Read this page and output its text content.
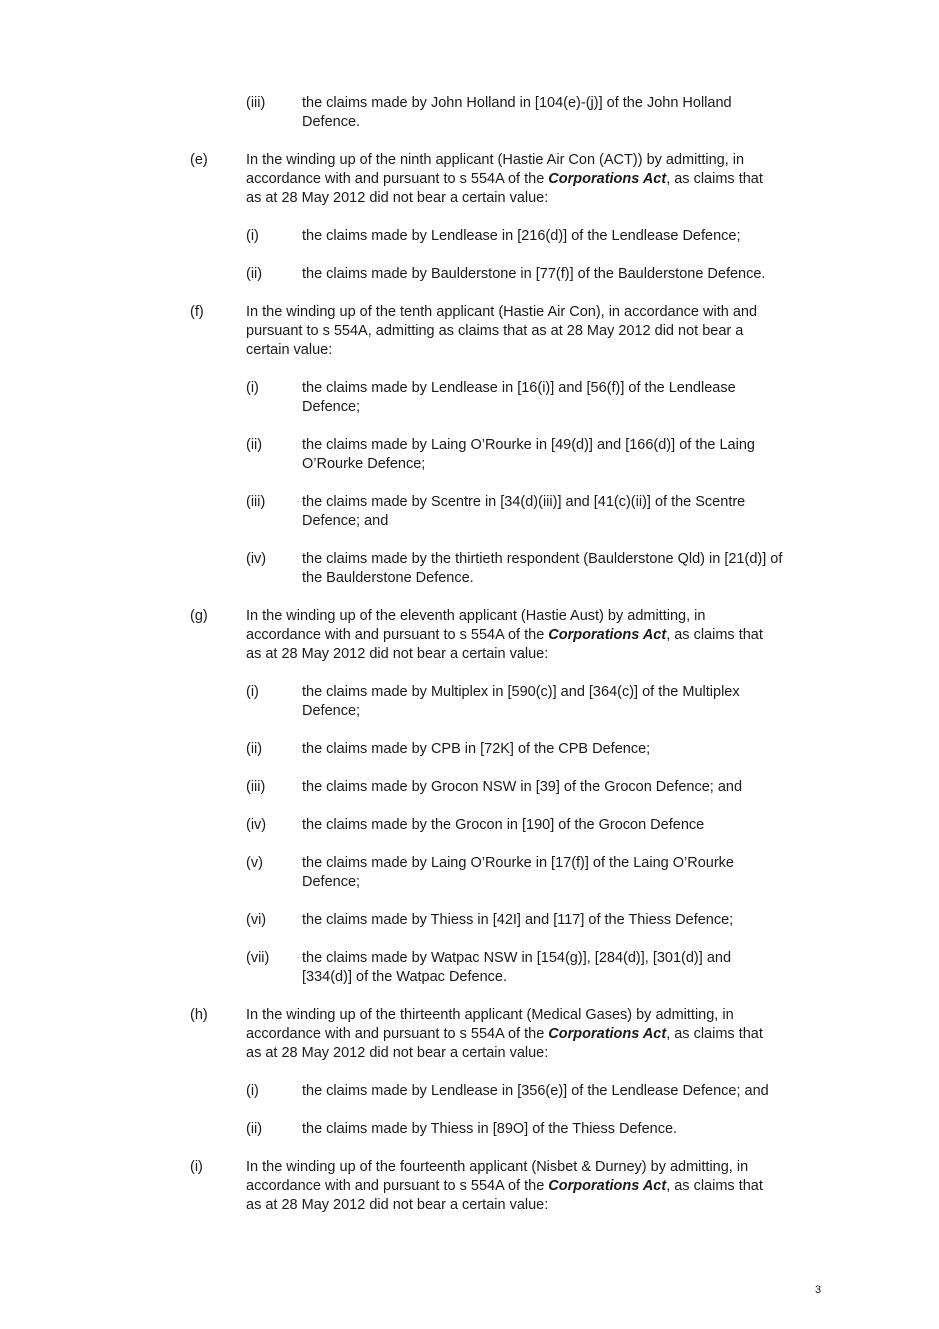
3
(iii)	the claims made by John Holland in [104(e)-(j)] of the John Holland
Defence.
(e)	In the winding up of the ninth applicant (Hastie Air Con (ACT)) by admitting, in
accordance with and pursuant to s 554A of the Corporations Act, as claims that
as at 28 May 2012 did not bear a certain value:
(i)	the claims made by Lendlease in [216(d)] of the Lendlease Defence;
(ii)	the claims made by Baulderstone in [77(f)] of the Baulderstone Defence.
(f)	In the winding up of the tenth applicant (Hastie Air Con), in accordance with and
pursuant to s 554A, admitting as claims that as at 28 May 2012 did not bear a
certain value:
(i)	the claims made by Lendlease in [16(i)] and [56(f)] of the Lendlease
Defence;
(ii)	the claims made by Laing O’Rourke in [49(d)] and [166(d)] of the Laing
O’Rourke Defence;
(iii)	the claims made by Scentre in [34(d)(iii)] and [41(c)(ii)] of the Scentre
Defence; and
(iv) the claims made by the thirtieth respondent (Baulderstone Qld) in [21(d)] of
the Baulderstone Defence.
(g)	In the winding up of the eleventh applicant (Hastie Aust) by admitting, in
accordance with and pursuant to s 554A of the Corporations Act, as claims that
as at 28 May 2012 did not bear a certain value:
(i)	the claims made by Multiplex in [590(c)] and [364(c)] of the Multiplex
Defence;
(ii)	the claims made by CPB in [72K] of the CPB Defence;
(iii)	the claims made by Grocon NSW in [39] of the Grocon Defence; and
(iv) the claims made by the Grocon in [190] of the Grocon Defence
(v)	the claims made by Laing O’Rourke in [17(f)] of the Laing O’Rourke
Defence;
(vi) the claims made by Thiess in [42I] and [117] of the Thiess Defence;
(vii) the claims made by Watpac NSW in [154(g)], [284(d)], [301(d)] and
[334(d)] of the Watpac Defence.
(h)	In the winding up of the thirteenth applicant (Medical Gases) by admitting, in
accordance with and pursuant to s 554A of the Corporations Act, as claims that
as at 28 May 2012 did not bear a certain value:
(i)	the claims made by Lendlease in [356(e)] of the Lendlease Defence; and
(ii)	the claims made by Thiess in [89O] of the Thiess Defence.
(i)	In the winding up of the fourteenth applicant (Nisbet & Durney) by admitting, in
accordance with and pursuant to s 554A of the Corporations Act, as claims that
as at 28 May 2012 did not bear a certain value:
